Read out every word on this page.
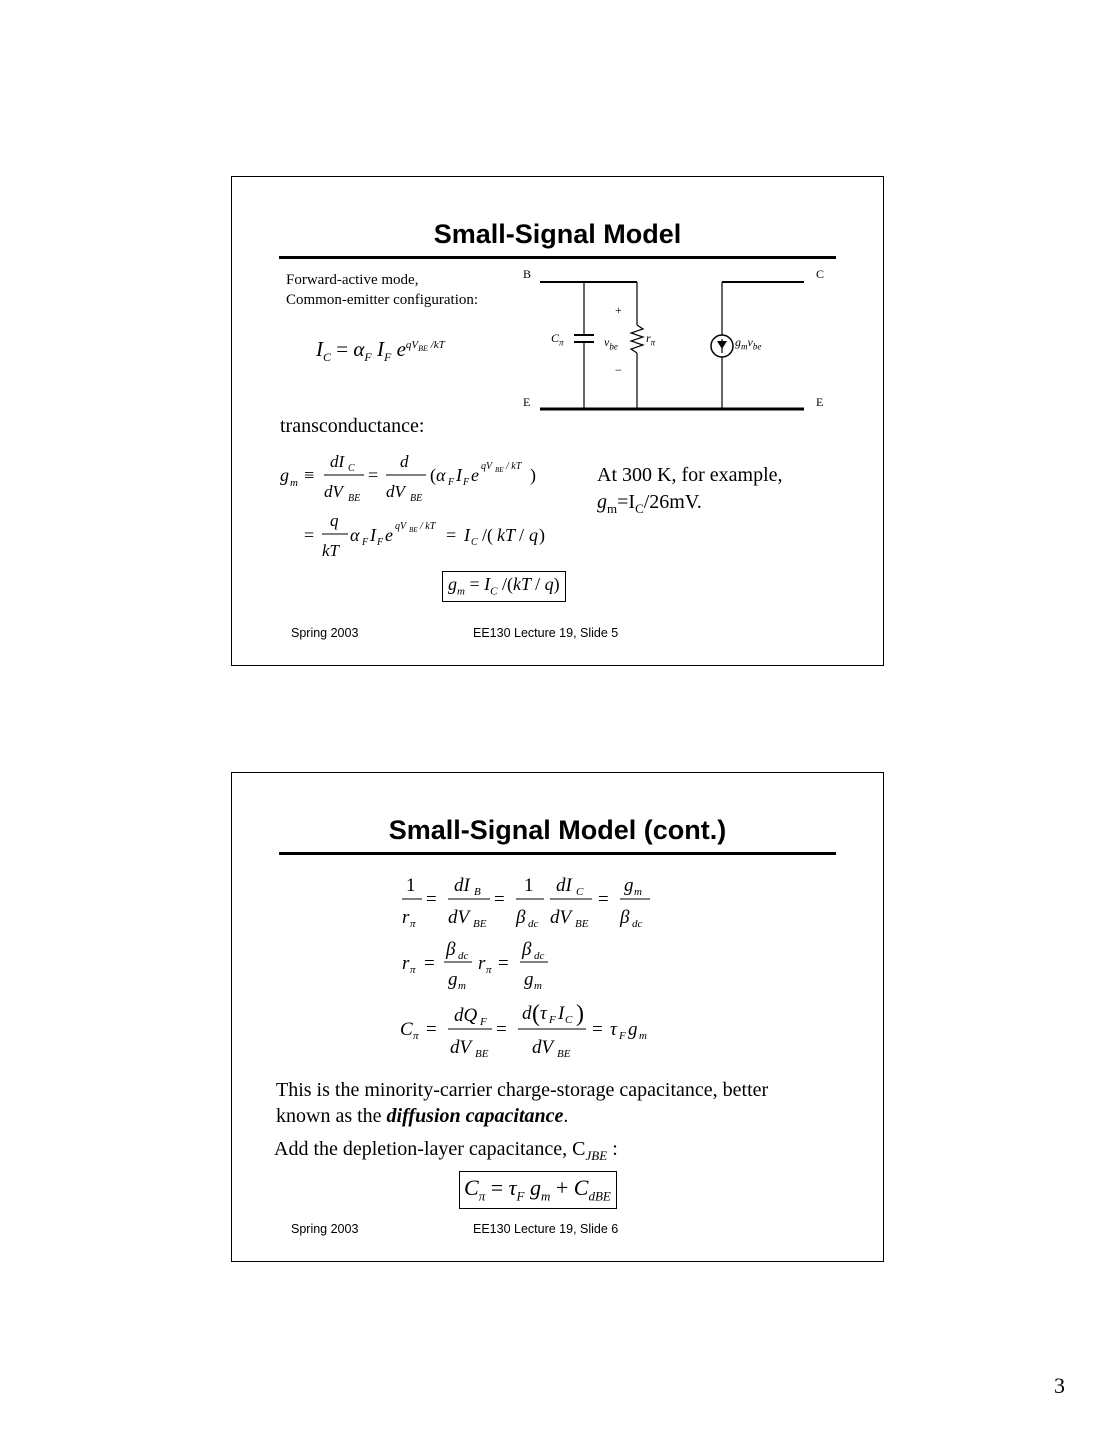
Small-Signal Model
Forward-active mode,
Common-emitter configuration:
$I_C = \alpha_F$ $I_F$ $e^{qV_{BE} /kT}$
B	C
E	E
+
−
$C_\pi$	$v_{be}$
$r_\pi$	$g_mv_{be}$
transconductance:
g m ≡
dI C
dV BE
=
d
dV BE
( α F I F e qV BE / kT )
=
q
kT
α F I F e qV BE / kT = I C /( kT / q )
At 300 K, for example,
$g_m=I_C/26mV$.
$g_m = I_C$ /(kT / q)
Spring 2003	EE130 Lecture 19, Slide 5
Small-Signal Model (cont.)
1
r π
=
dI B
dV BE
=
1
β dc
dI C
dV BE
=
g m
β dc
r π =
β dc
g m
r π =
β dc
g m
C π =
dQ F
dV BE
=
d ( τ F I C )
dV BE
= τ F g m
This is the minority-carrier charge-storage capacitance, better
known as the diffusion capacitance.
Add the depletion-layer capacitance, $C_{JBE}$ :
$C_\pi = \tau_F$ $g_m + C_{dBE}$
Spring 2003	EE130 Lecture 19, Slide 6
3
